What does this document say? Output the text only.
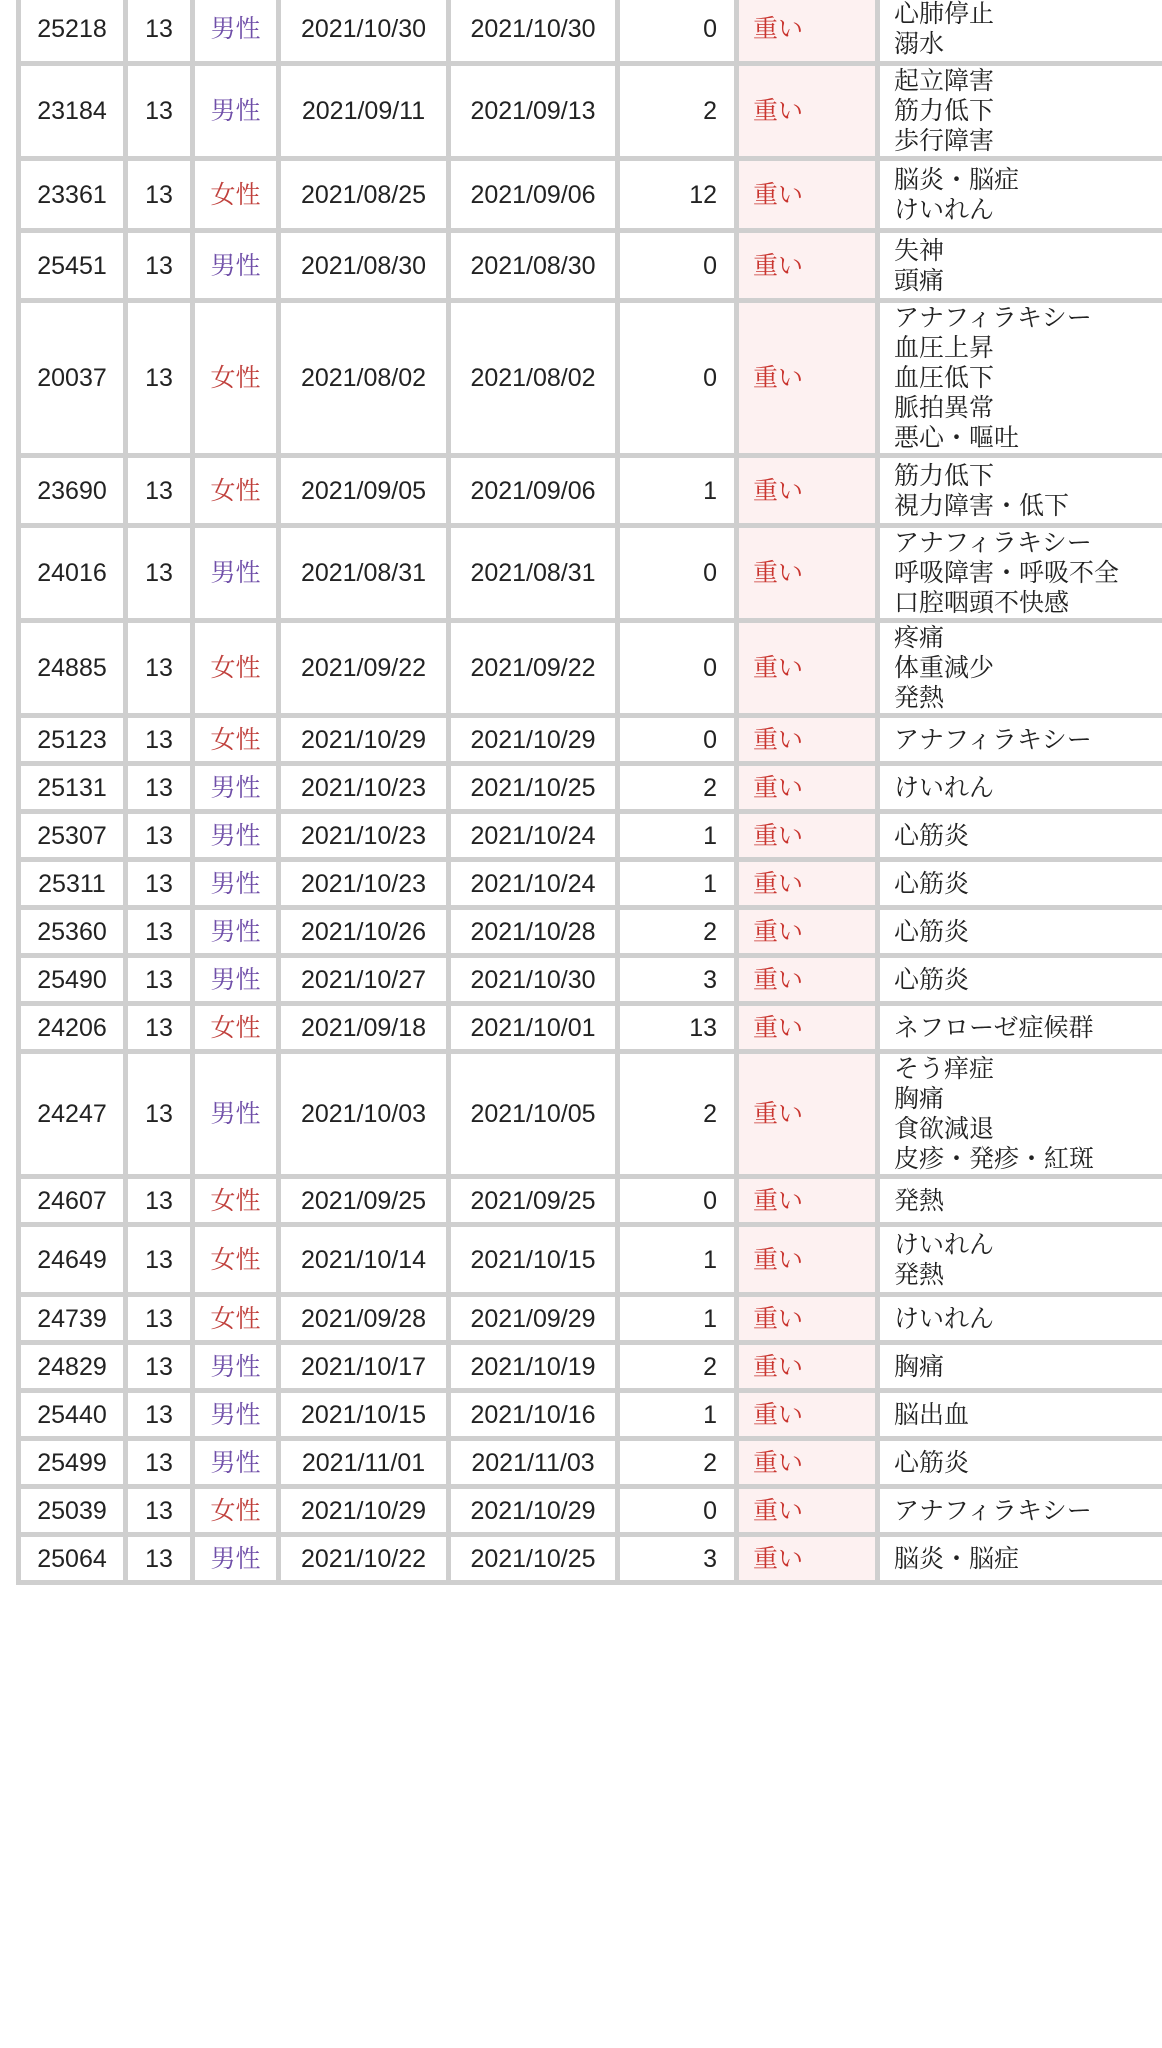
25218	13	男性	2021/10/30	2021/10/30	0	重い	心肺停止
溺水
23184	13	男性	2021/09/11	2021/09/13	2	重い	起立障害
筋力低下
歩行障害
23361	13	女性	2021/08/25	2021/09/06	12	重い	脳炎・脳症
けいれん
25451	13	男性	2021/08/30	2021/08/30	0	重い	失神
頭痛
20037	13	女性	2021/08/02	2021/08/02	0	重い	アナフィラキシー
血圧上昇
血圧低下
脈拍異常
悪心・嘔吐
23690	13	女性	2021/09/05	2021/09/06	1	重い	筋力低下
視力障害・低下
24016	13	男性	2021/08/31	2021/08/31	0	重い	アナフィラキシー
呼吸障害・呼吸不全
口腔咽頭不快感
24885	13	女性	2021/09/22	2021/09/22	0	重い	疼痛
体重減少
発熱
25123	13	女性	2021/10/29	2021/10/29	0	重い	アナフィラキシー
25131	13	男性	2021/10/23	2021/10/25	2	重い	けいれん
25307	13	男性	2021/10/23	2021/10/24	1	重い	心筋炎
25311	13	男性	2021/10/23	2021/10/24	1	重い	心筋炎
25360	13	男性	2021/10/26	2021/10/28	2	重い	心筋炎
25490	13	男性	2021/10/27	2021/10/30	3	重い	心筋炎
24206	13	女性	2021/09/18	2021/10/01	13	重い	ネフローゼ症候群
24247	13	男性	2021/10/03	2021/10/05	2	重い	そう痒症
胸痛
食欲減退
皮疹・発疹・紅斑
24607	13	女性	2021/09/25	2021/09/25	0	重い	発熱
24649	13	女性	2021/10/14	2021/10/15	1	重い	けいれん
発熱
24739	13	女性	2021/09/28	2021/09/29	1	重い	けいれん
24829	13	男性	2021/10/17	2021/10/19	2	重い	胸痛
25440	13	男性	2021/10/15	2021/10/16	1	重い	脳出血
25499	13	男性	2021/11/01	2021/11/03	2	重い	心筋炎
25039	13	女性	2021/10/29	2021/10/29	0	重い	アナフィラキシー
25064	13	男性	2021/10/22	2021/10/25	3	重い	脳炎・脳症
